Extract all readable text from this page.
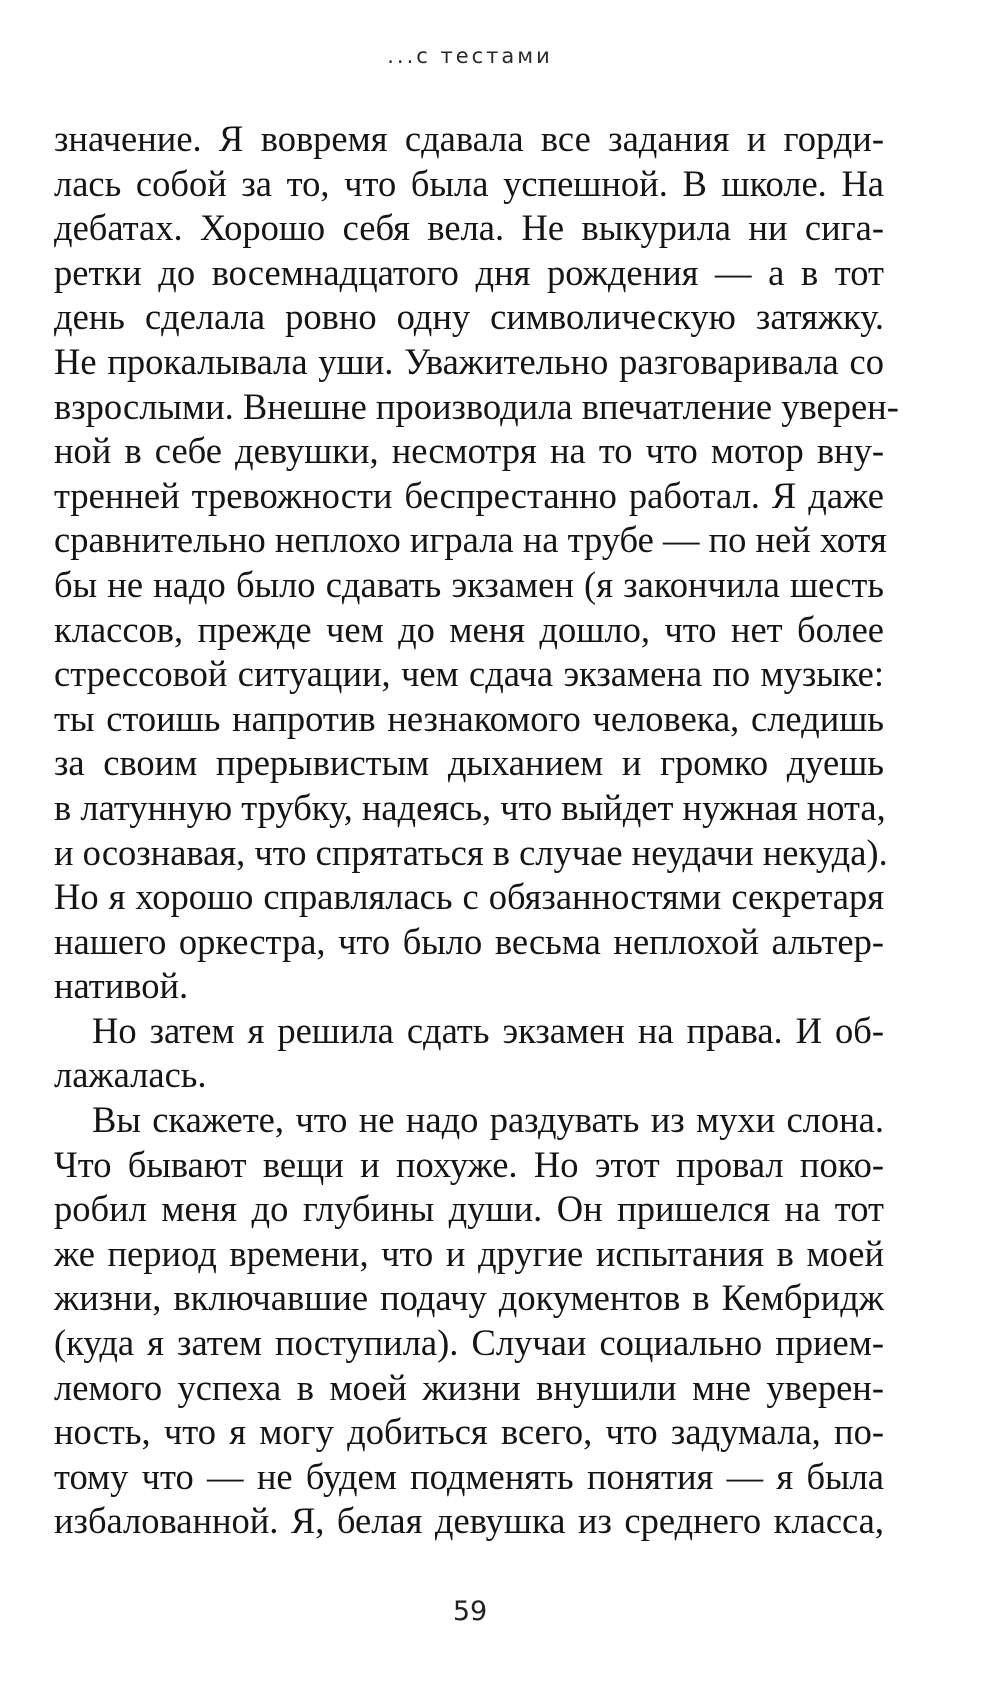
...с тестами
значение. Я вовремя сдавала все задания и горди-
лась собой за то, что была успешной. В школе. На
дебатах. Хорошо себя вела. Не выкурила ни сига-
ретки до восемнадцатого дня рождения — а в тот
день сделала ровно одну символическую затяжку.
Не прокалывала уши. Уважительно разговаривала со
взрослыми. Внешне производила впечатление уверен-
ной в себе девушки, несмотря на то что мотор вну-
тренней тревожности беспрестанно работал. Я даже
сравнительно неплохо играла на трубе — по ней хотя
бы не надо было сдавать экзамен (я закончила шесть
классов, прежде чем до меня дошло, что нет более
стрессовой ситуации, чем сдача экзамена по музыке:
ты стоишь напротив незнакомого человека, следишь
за своим прерывистым дыханием и громко дуешь
в латунную трубку, надеясь, что выйдет нужная нота,
и осознавая, что спрятаться в случае неудачи некуда).
Но я хорошо справлялась с обязанностями секретаря
нашего оркестра, что было весьма неплохой альтер-
нативой.
Но затем я решила сдать экзамен на права. И об-
лажалась.
Вы скажете, что не надо раздувать из мухи слона.
Что бывают вещи и похуже. Но этот провал поко-
робил меня до глубины души. Он пришелся на тот
же период времени, что и другие испытания в моей
жизни, включавшие подачу документов в Кембридж
(куда я затем поступила). Случаи социально прием-
лемого успеха в моей жизни внушили мне уверен-
ность, что я могу добиться всего, что задумала, по-
тому что — не будем подменять понятия — я была
избалованной. Я, белая девушка из среднего класса,
59
